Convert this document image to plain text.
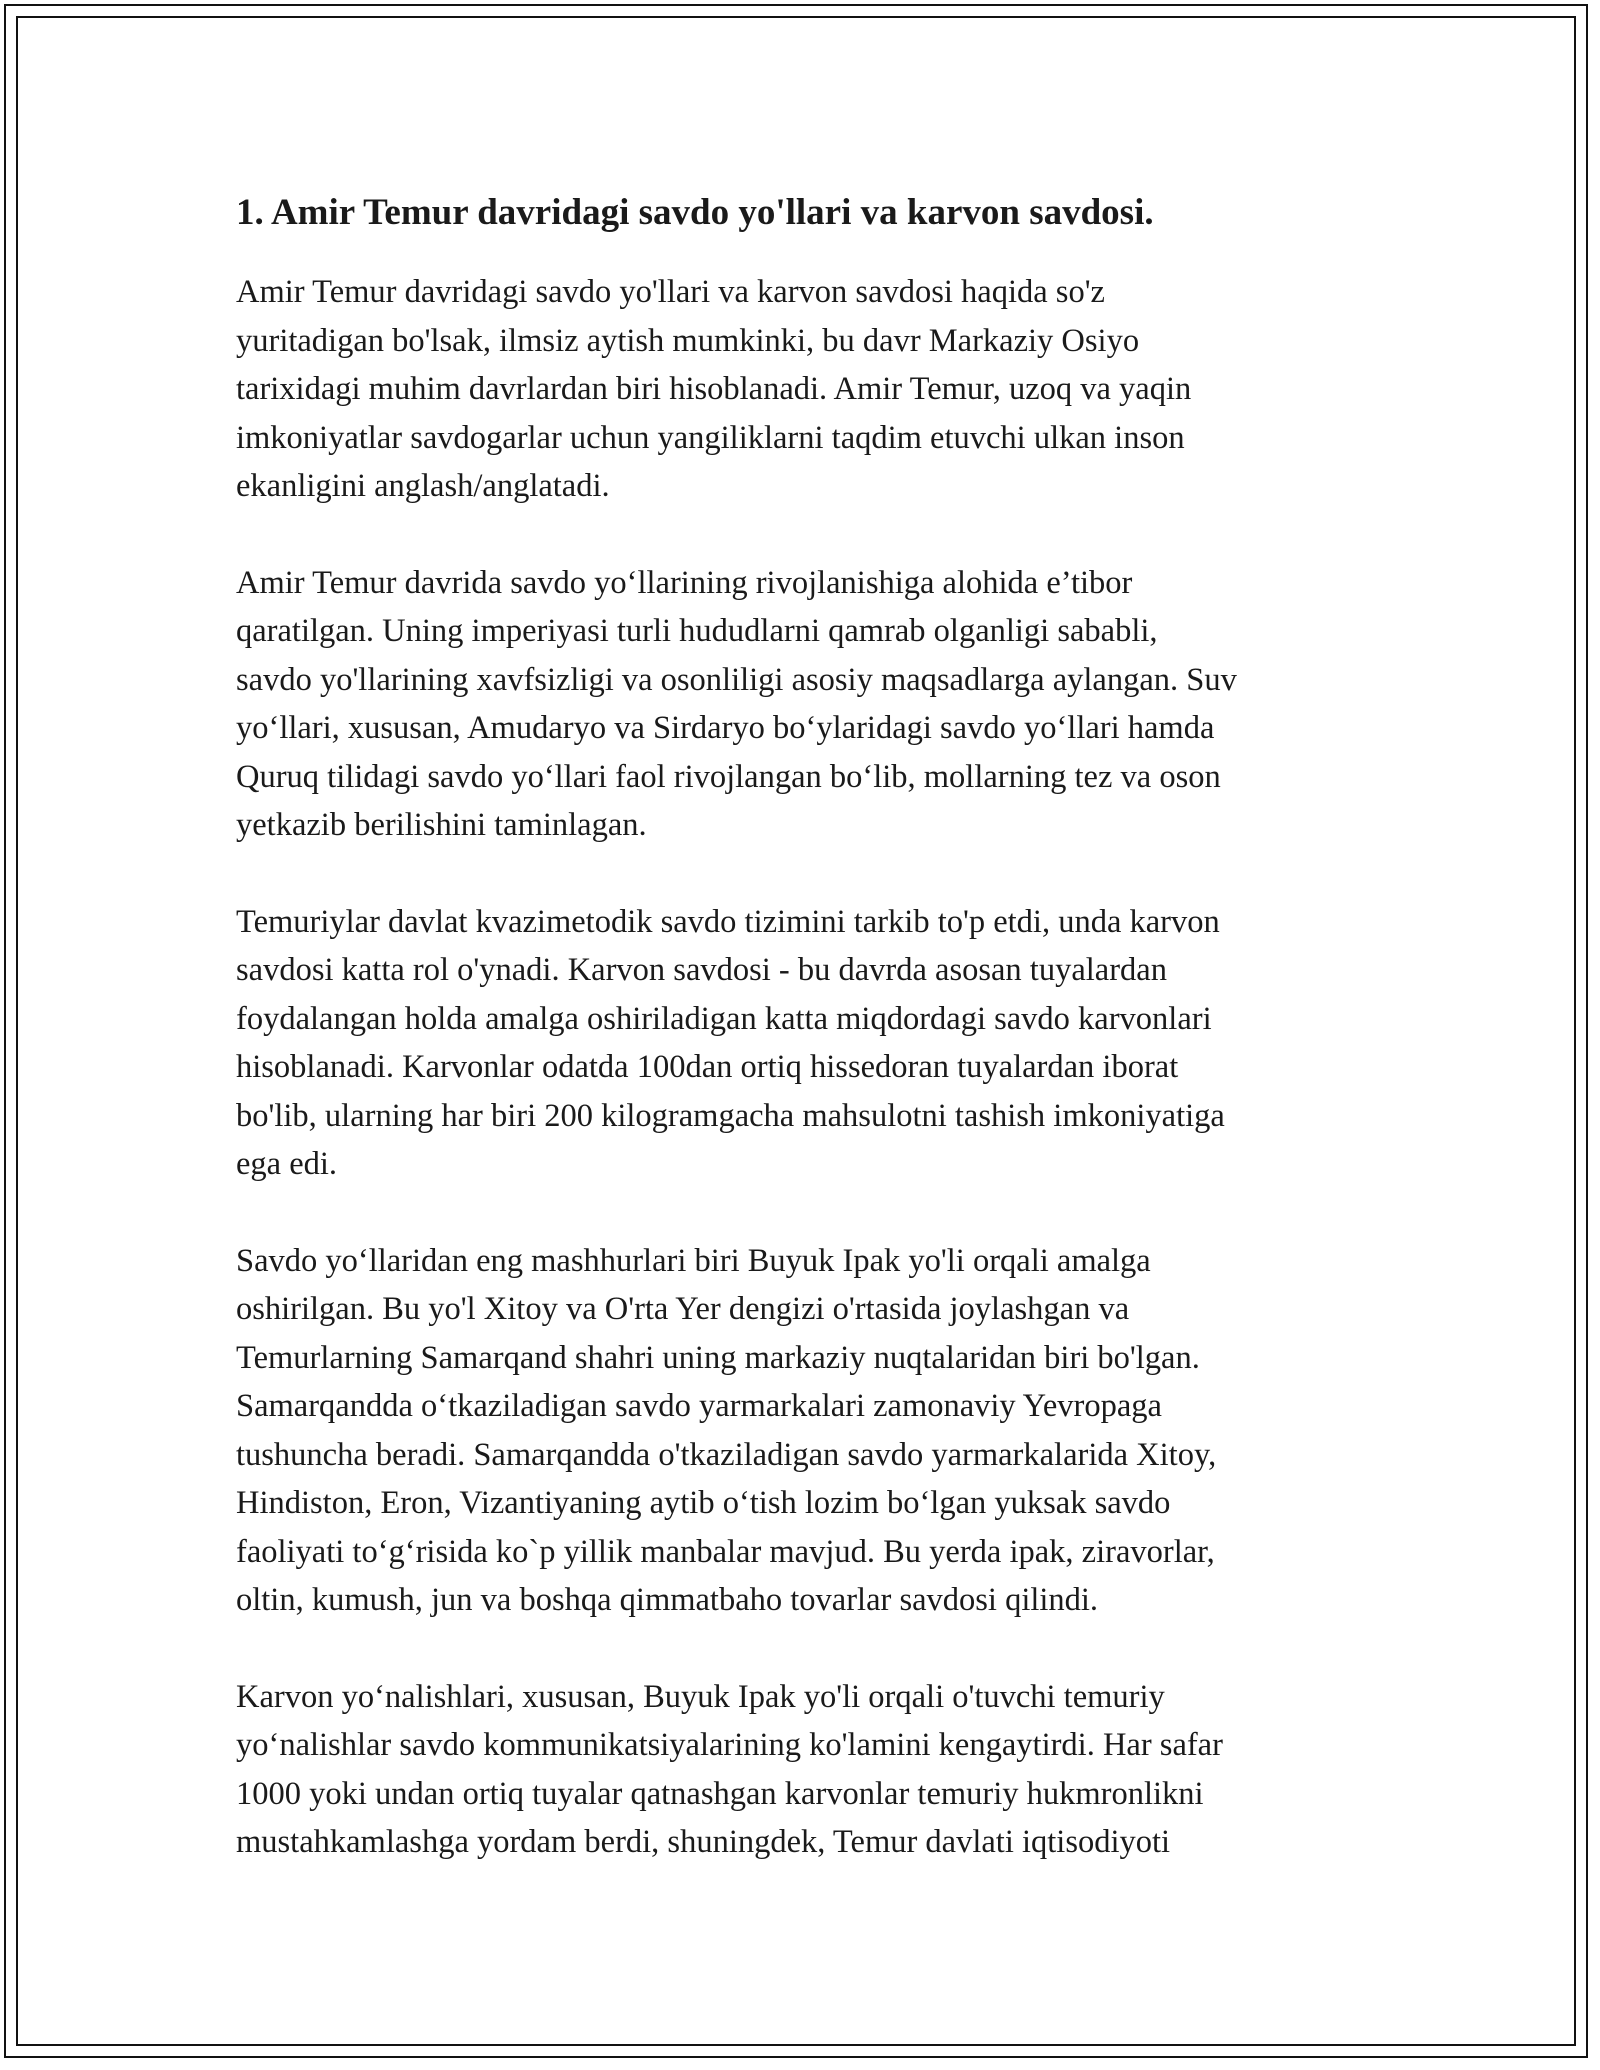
1. Amir Temur davridagi savdo yo'llari va karvon savdosi.

Amir Temur davridagi savdo yo'llari va karvon savdosi haqida so'z
yuritadigan bo'lsak, ilmsiz aytish mumkinki, bu davr Markaziy Osiyo
tarixidagi muhim davrlardan biri hisoblanadi. Amir Temur, uzoq va yaqin
imkoniyatlar savdogarlar uchun yangiliklarni taqdim etuvchi ulkan inson
ekanligini anglash/anglatadi.

Amir Temur davrida savdo yo‘llarining rivojlanishiga alohida e’tibor
qaratilgan. Uning imperiyasi turli hududlarni qamrab olganligi sababli,
savdo yo'llarining xavfsizligi va osonliligi asosiy maqsadlarga aylangan. Suv
yo‘llari, xususan, Amudaryo va Sirdaryo bo‘ylaridagi savdo yo‘llari hamda
Quruq tilidagi savdo yo‘llari faol rivojlangan bo‘lib, mollarning tez va oson
yetkazib berilishini taminlagan.

Temuriylar davlat kvazimetodik savdo tizimini tarkib to'p etdi, unda karvon
savdosi katta rol o'ynadi. Karvon savdosi - bu davrda asosan tuyalardan
foydalangan holda amalga oshiriladigan katta miqdordagi savdo karvonlari
hisoblanadi. Karvonlar odatda 100dan ortiq hissedoran tuyalardan iborat
bo'lib, ularning har biri 200 kilogramgacha mahsulotni tashish imkoniyatiga
ega edi.

Savdo yo‘llaridan eng mashhurlari biri Buyuk Ipak yo'li orqali amalga
oshirilgan. Bu yo'l Xitoy va O'rta Yer dengizi o'rtasida joylashgan va
Temurlarning Samarqand shahri uning markaziy nuqtalaridan biri bo'lgan.
Samarqandda o‘tkaziladigan savdo yarmarkalari zamonaviy Yevropaga
tushuncha beradi. Samarqandda o'tkaziladigan savdo yarmarkalarida Xitoy,
Hindiston, Eron, Vizantiyaning aytib o‘tish lozim bo‘lgan yuksak savdo
faoliyati to‘g‘risida ko`p yillik manbalar mavjud. Bu yerda ipak, ziravorlar,
oltin, kumush, jun va boshqa qimmatbaho tovarlar savdosi qilindi.

Karvon yo‘nalishlari, xususan, Buyuk Ipak yo'li orqali o'tuvchi temuriy
yo‘nalishlar savdo kommunikatsiyalarining ko'lamini kengaytirdi. Har safar
1000 yoki undan ortiq tuyalar qatnashgan karvonlar temuriy hukmronlikni
mustahkamlashga yordam berdi, shuningdek, Temur davlati iqtisodiyoti
